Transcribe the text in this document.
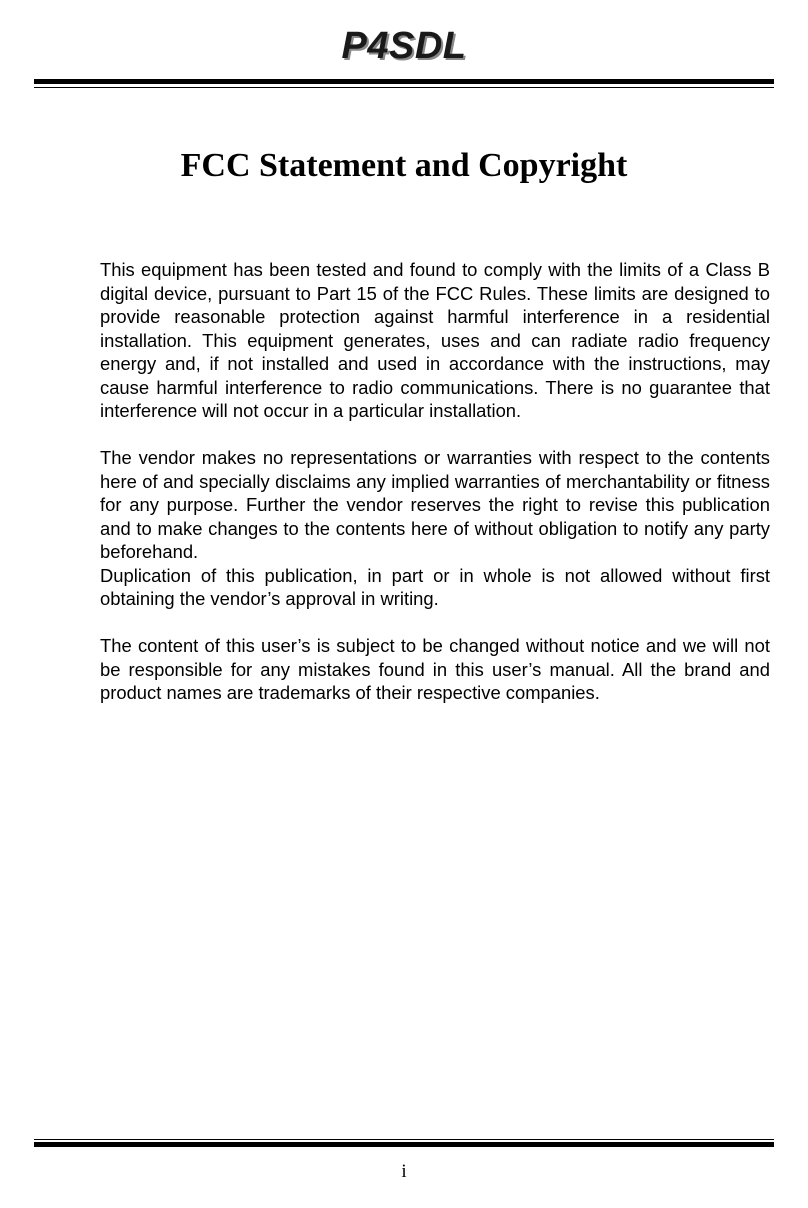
P4SDL
FCC Statement and Copyright

This equipment has been tested and found to comply with the limits of a Class B digital device, pursuant to Part 15 of the FCC Rules. These limits are designed to provide reasonable protection against harmful interference in a residential installation. This equipment generates, uses and can radiate radio frequency energy and, if not installed and used in accordance with the instructions, may cause harmful interference to radio communications. There is no guarantee that interference will not occur in a particular installation.

The vendor makes no representations or warranties with respect to the contents here of and specially disclaims any implied warranties of merchantability or fitness for any purpose. Further the vendor reserves the right to revise this publication and to make changes to the contents here of without obligation to notify any party beforehand.

Duplication of this publication, in part or in whole is not allowed without first obtaining the vendor’s approval in writing.

The content of this user’s is subject to be changed without notice and we will not be responsible for any mistakes found in this user’s manual. All the brand and product names are trademarks of their respective companies.

i
